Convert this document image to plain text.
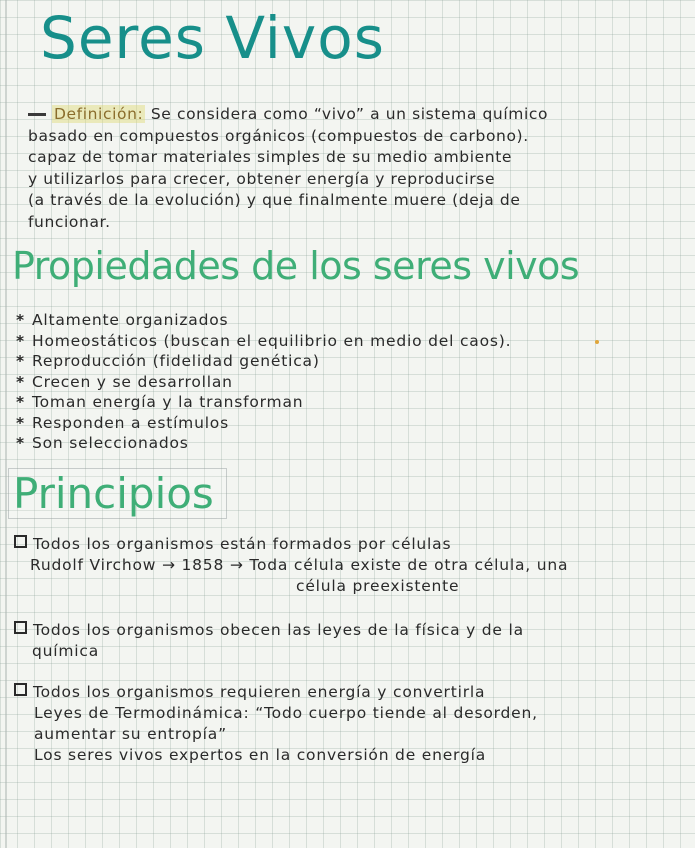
Seres Vivos
Definición: Se considera como “vivo” a un sistema químico
basado en compuestos orgánicos (compuestos de carbono).
capaz de tomar materiales simples de su medio ambiente
y utilizarlos para crecer, obtener energía y reproducirse
(a través de la evolución) y que finalmente muere (deja de
funcionar.
Propiedades de los seres vivos
* Altamente organizados
* Homeostáticos (buscan el equilibrio en medio del caos).
* Reproducción (fidelidad genética)
* Crecen y se desarrollan
* Toman energía y la transforman
* Responden a estímulos
* Son seleccionados
Principios
Todos los organismos están formados por células
Rudolf Virchow → 1858 → Toda célula existe de otra célula, una
célula preexistente
Todos los organismos obecen las leyes de la física y de la
química
Todos los organismos requieren energía y convertirla
Leyes de Termodinámica: “Todo cuerpo tiende al desorden,
aumentar su entropía”
Los seres vivos expertos en la conversión de energía
